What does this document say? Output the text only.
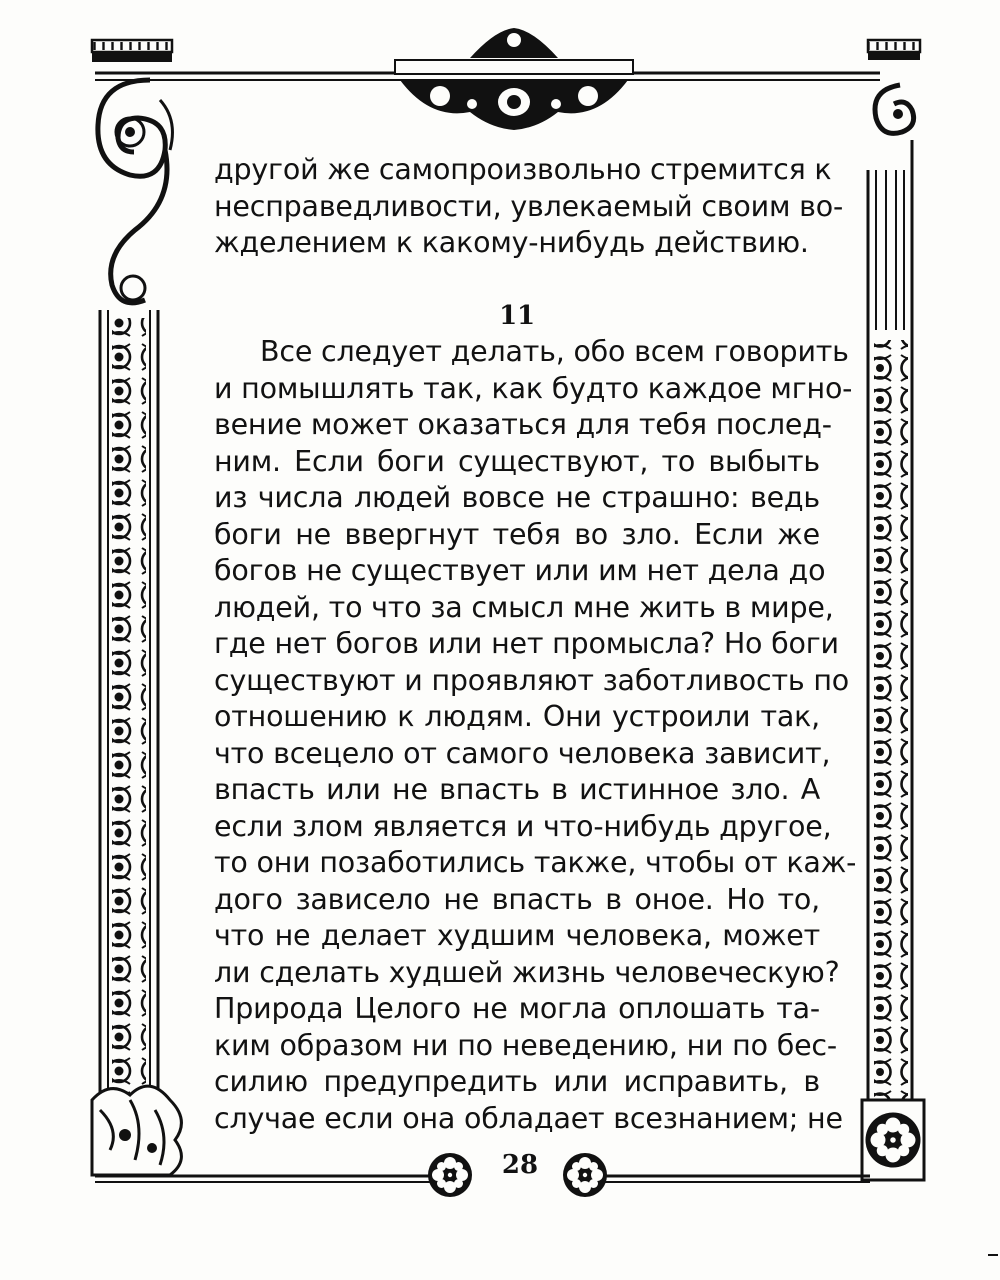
другой же самопроизвольно стремится к
несправедливости, увлекаемый своим во-
жделением к какому-нибудь действию.
11
Все следует делать, обо всем говорить
и помышлять так, как будто каждое мгно-
вение может оказаться для тебя послед-
ним. Если боги существуют, то выбыть
из числа людей вовсе не страшно: ведь
боги не ввергнут тебя во зло. Если же
богов не существует или им нет дела до
людей, то что за смысл мне жить в мире,
где нет богов или нет промысла? Но боги
существуют и проявляют заботливость по
отношению к людям. Они устроили так,
что всецело от самого человека зависит,
впасть или не впасть в истинное зло. А
если злом является и что-нибудь другое,
то они позаботились также, чтобы от каж-
дого зависело не впасть в оное. Но то,
что не делает худшим человека, может
ли сделать худшей жизнь человеческую?
Природа Целого не могла оплошать та-
ким образом ни по неведению, ни по бес-
силию предупредить или исправить, в
случае если она обладает всезнанием; не
28
